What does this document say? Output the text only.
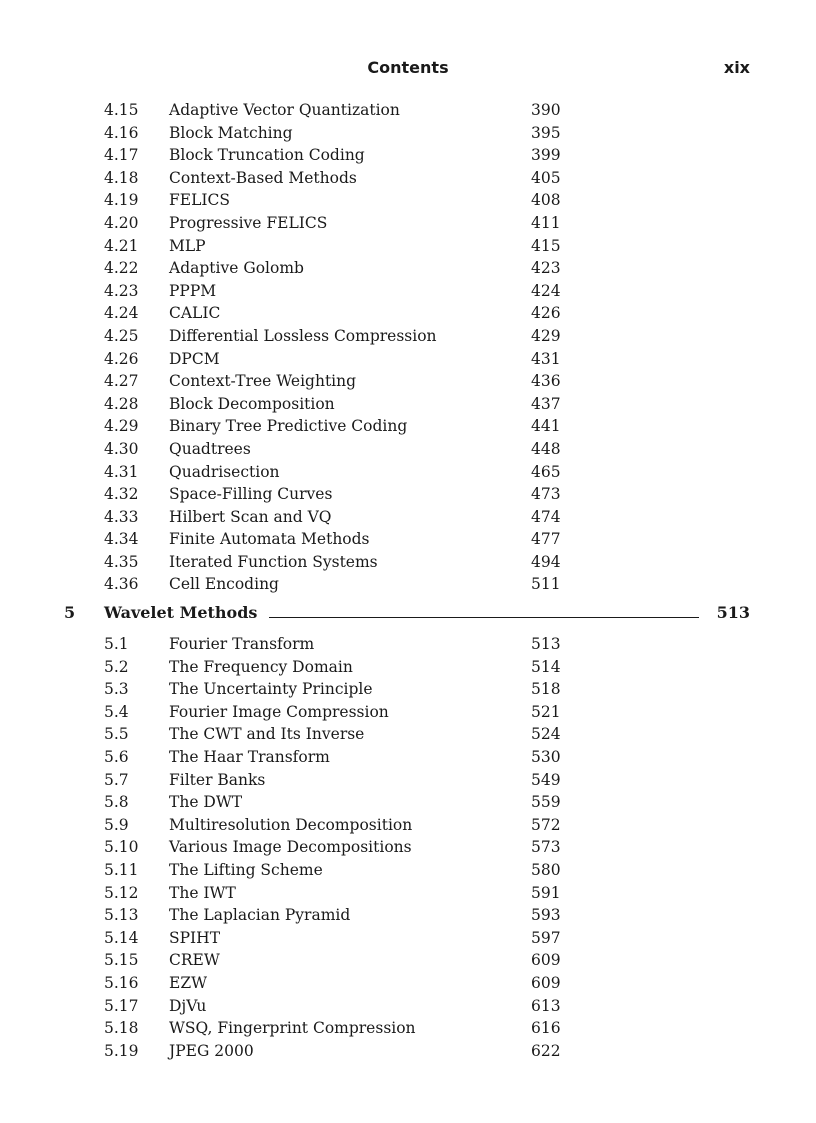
Contents	xix
4.15 Adaptive Vector Quantization	390
4.16 Block Matching	395
4.17 Block Truncation Coding	399
4.18 Context-Based Methods	405
4.19 FELICS	408
4.20 Progressive FELICS	411
4.21 MLP	415
4.22 Adaptive Golomb	423
4.23 PPPM	424
4.24 CALIC	426
4.25 Differential Lossless Compression	429
4.26 DPCM	431
4.27 Context-Tree Weighting	436
4.28 Block Decomposition	437
4.29 Binary Tree Predictive Coding	441
4.30 Quadtrees	448
4.31 Quadrisection	465
4.32 Space-Filling Curves	473
4.33 Hilbert Scan and VQ	474
4.34 Finite Automata Methods	477
4.35 Iterated Function Systems	494
4.36 Cell Encoding	511
5 Wavelet Methods	513
5.1	Fourier Transform	513
5.2	The Frequency Domain	514
5.3	The Uncertainty Principle	518
5.4	Fourier Image Compression	521
5.5	The CWT and Its Inverse	524
5.6	The Haar Transform	530
5.7	Filter Banks	549
5.8	The DWT	559
5.9	Multiresolution Decomposition	572
5.10 Various Image Decompositions	573
5.11 The Lifting Scheme	580
5.12 The IWT	591
5.13 The Laplacian Pyramid	593
5.14 SPIHT	597
5.15 CREW	609
5.16 EZW	609
5.17 DjVu	613
5.18 WSQ, Fingerprint Compression	616
5.19 JPEG 2000	622
